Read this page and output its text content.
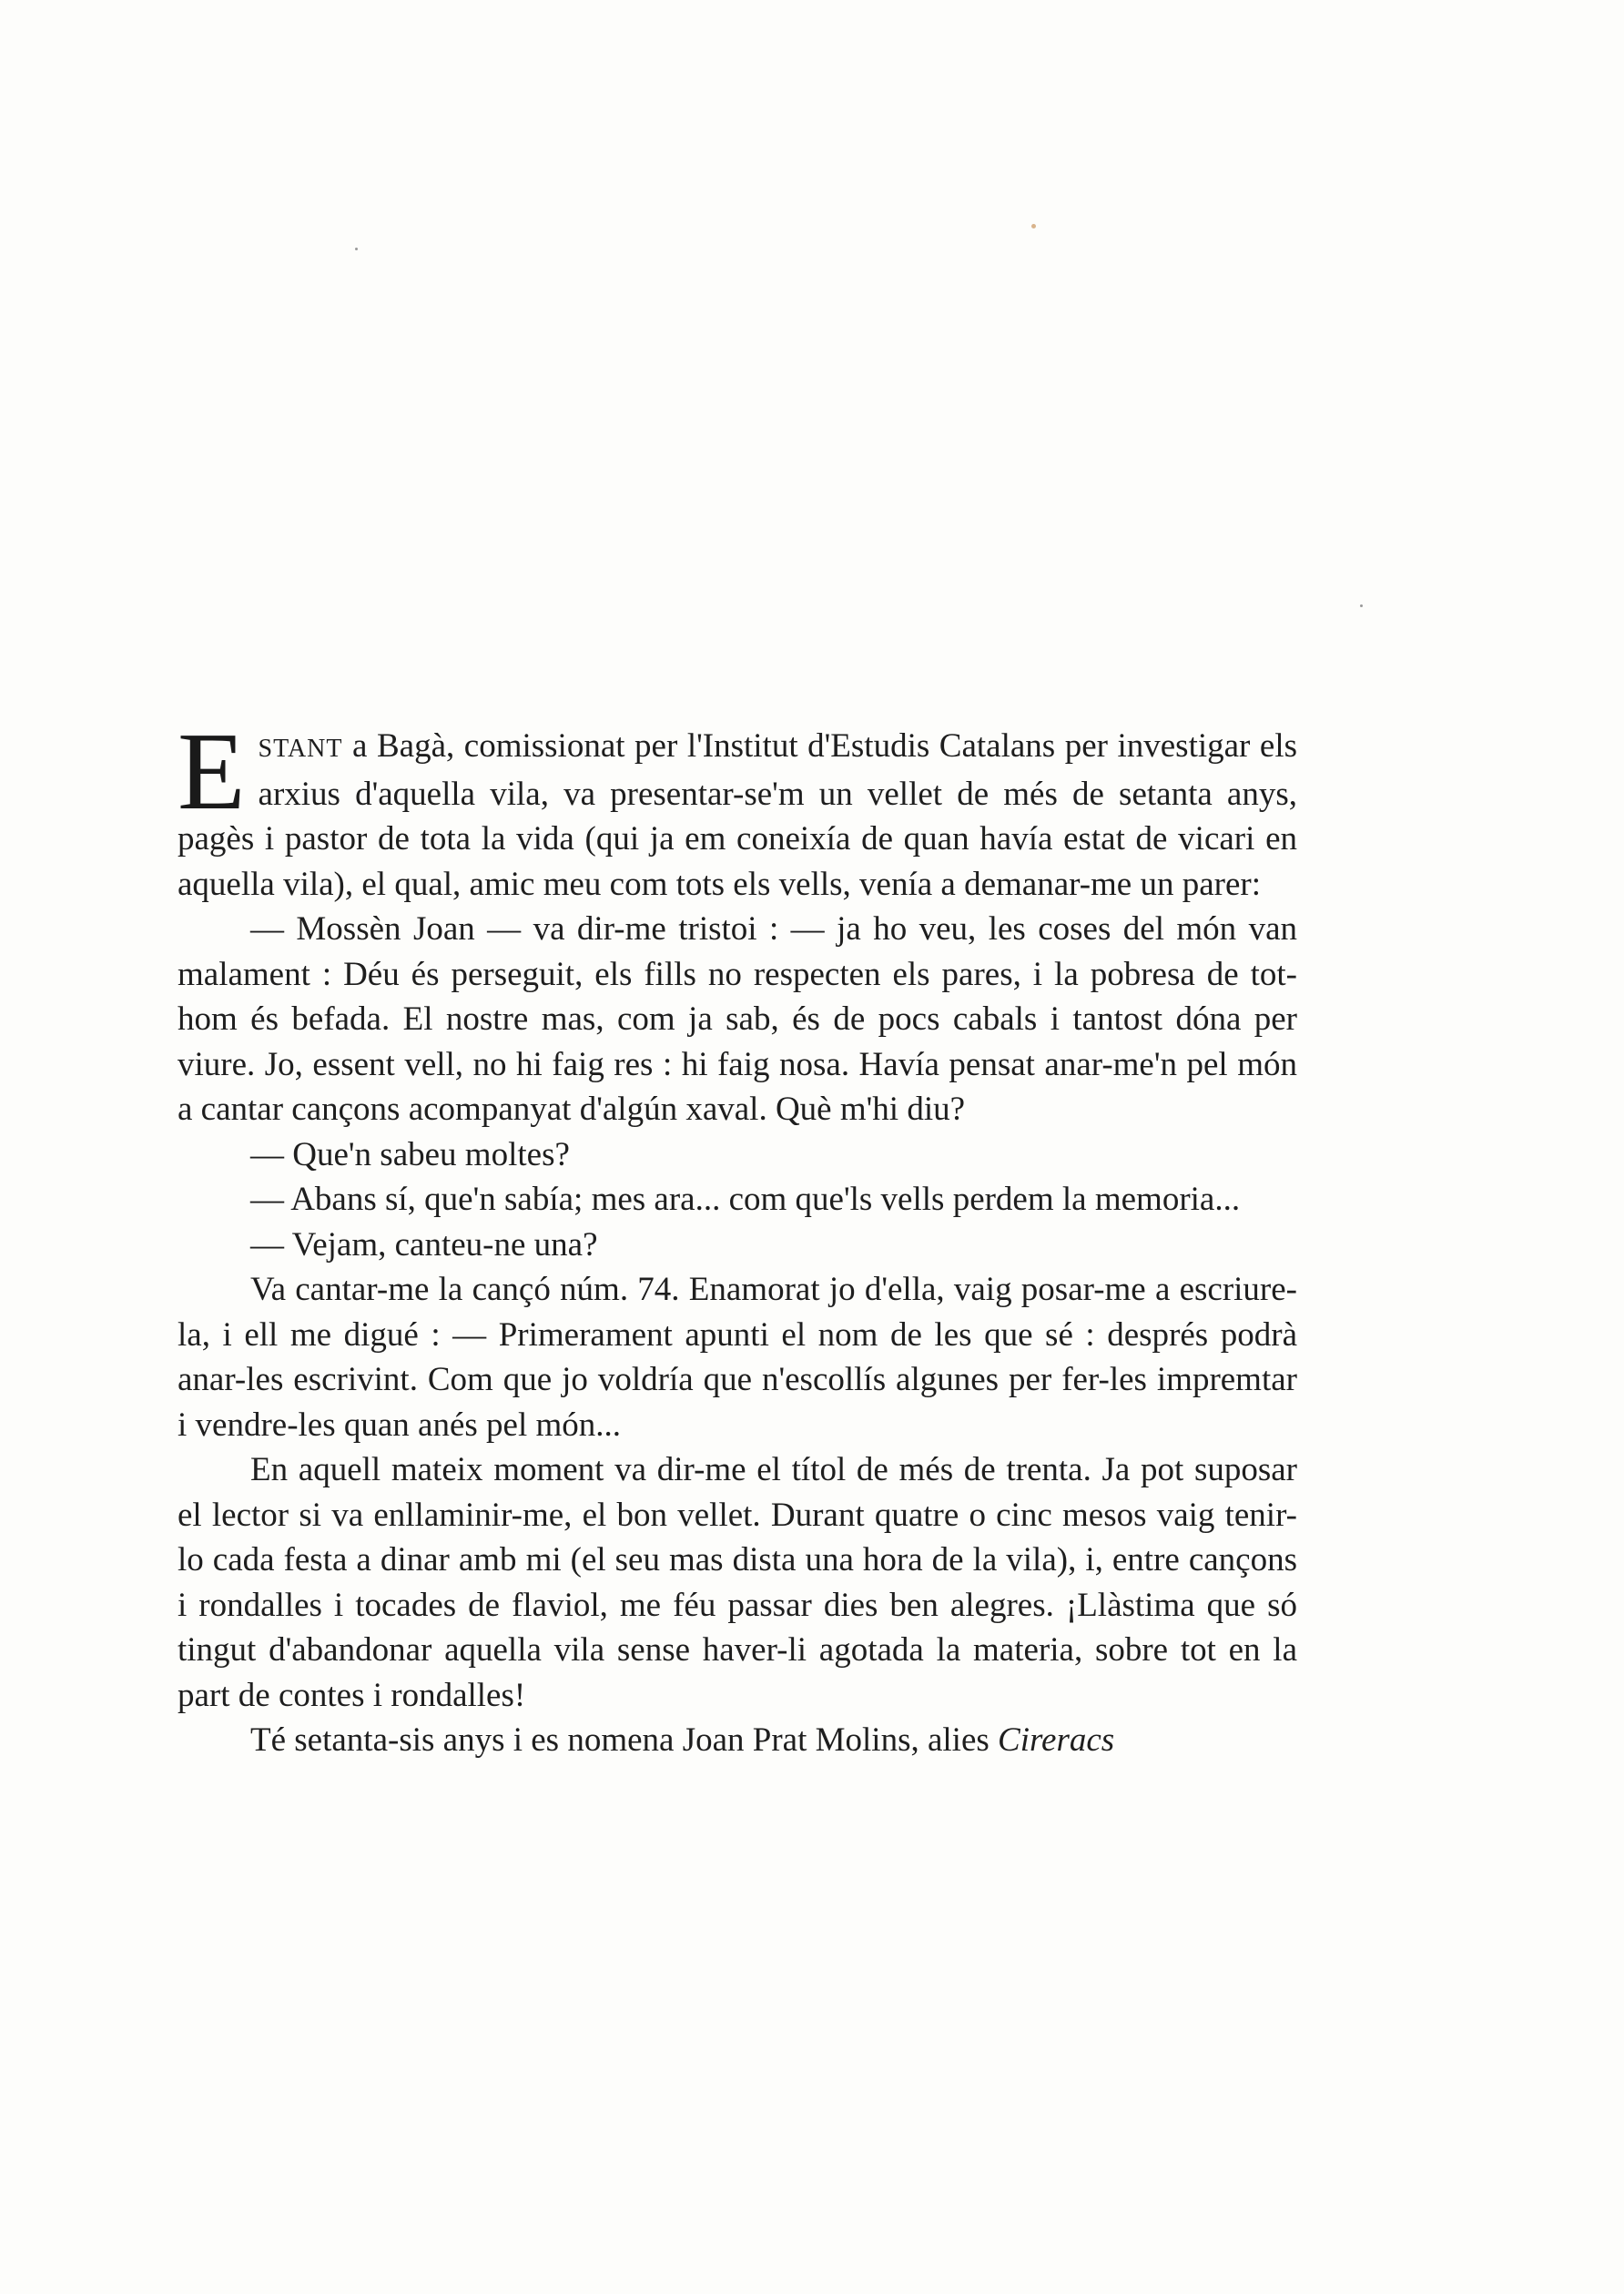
ESTANT a Bagà, comissionat per l'Institut d'Estudis Catalans per investigar els arxius d'aquella vila, va presentar-se'm un vellet de més de setanta anys, pagès i pastor de tota la vida (qui ja em coneixía de quan havía estat de vicari en aquella vila), el qual, amic meu com tots els vells, venía a demanar-me un parer:

— Mossèn Joan — va dir-me tristoi : — ja ho veu, les coses del món van malament : Déu és perseguit, els fills no respecten els pares, i la pobresa de tot-hom és befada. El nostre mas, com ja sab, és de pocs cabals i tantost dóna per viure. Jo, essent vell, no hi faig res : hi faig nosa. Havía pensat anar-me'n pel món a cantar cançons acompanyat d'algún xaval. Què m'hi diu?

— Que'n sabeu moltes?

— Abans sí, que'n sabía; mes ara... com que'ls vells perdem la memoria...

— Vejam, canteu-ne una?

Va cantar-me la cançó núm. 74. Enamorat jo d'ella, vaig posar-me a escriure-la, i ell me digué : — Primerament apunti el nom de les que sé : després podrà anar-les escrivint. Com que jo voldría que n'escollís algunes per fer-les impremtar i vendre-les quan anés pel món...

En aquell mateix moment va dir-me el títol de més de trenta. Ja pot suposar el lector si va enllaminir-me, el bon vellet. Durant quatre o cinc mesos vaig tenir-lo cada festa a dinar amb mi (el seu mas dista una hora de la vila), i, entre cançons i rondalles i tocades de flaviol, me féu passar dies ben alegres. ¡Llàstima que só tingut d'abandonar aquella vila sense haver-li agotada la materia, sobre tot en la part de contes i rondalles!

Té setanta-sis anys i es nomena Joan Prat Molins, alies Cireracs
